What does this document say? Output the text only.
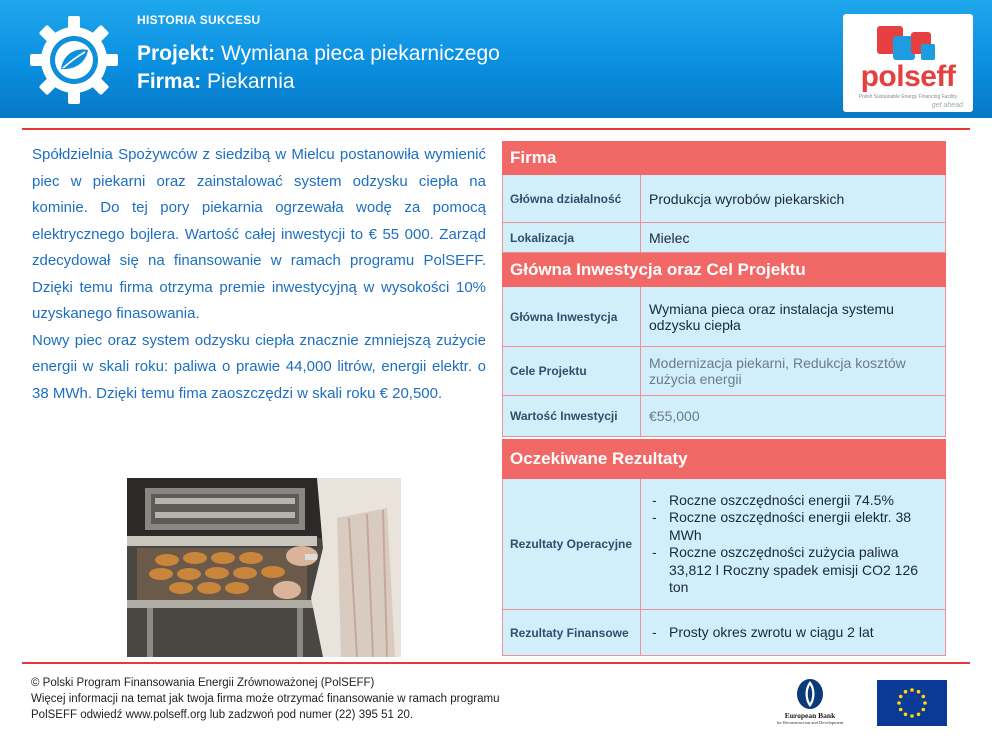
HISTORIA SUKCESU
Projekt: Wymiana pieca piekarniczego
Firma: Piekarnia	polseff
Polish Sustainable Energy Financing Facility
get ahead

Spółdzielnia Spożywców z siedzibą w Mielcu postanowiła wymienić piec w piekarni oraz zainstalować system odzysku ciepła na kominie. Do tej pory piekarnia ogrzewała wodę za pomocą elektrycznego bojlera. Wartość całej inwestycji to € 55 000. Zarząd zdecydował się na finansowanie w ramach programu PolSEFF. Dzięki temu firma otrzyma premie inwestycyjną w wysokości 10% uzyskanego finasowania.

Nowy piec oraz system odzysku ciepła znacznie zmniejszą zużycie energii w skali roku: paliwa o prawie 44,000 litrów, energii elektr. o 38 MWh. Dzięki temu fima zaoszczędzi w skali roku € 20,500.

Firma
Główna działalność	Produkcja wyrobów piekarskich
Lokalizacja	Mielec
Główna Inwestycja oraz Cel Projektu
Główna Inwestycja	Wymiana pieca oraz instalacja systemu odzysku ciepła
Cele Projektu	Modernizacja piekarni, Redukcja kosztów zużycia energii
Wartość Inwestycji	€55,000
Oczekiwane Rezultaty
Rezultaty Operacyjne
- Roczne oszczędności energii 74.5%
- Roczne oszczędności energii elektr. 38 MWh
- Roczne oszczędności zużycia paliwa 33,812 l Roczny spadek emisji CO2 126 ton
Rezultaty Finansowe
-	Prosty okres zwrotu w ciągu 2 lat
© Polski Program Finansowania Energii Zrównoważonej (PolSEFF)
Więcej informacji na temat jak twoja firma może otrzymać finansowanie w ramach programu
PolSEFF odwiedź www.polseff.org lub zadzwoń pod numer (22) 395 51 20.	European Bank
for Reconstruction and Development
